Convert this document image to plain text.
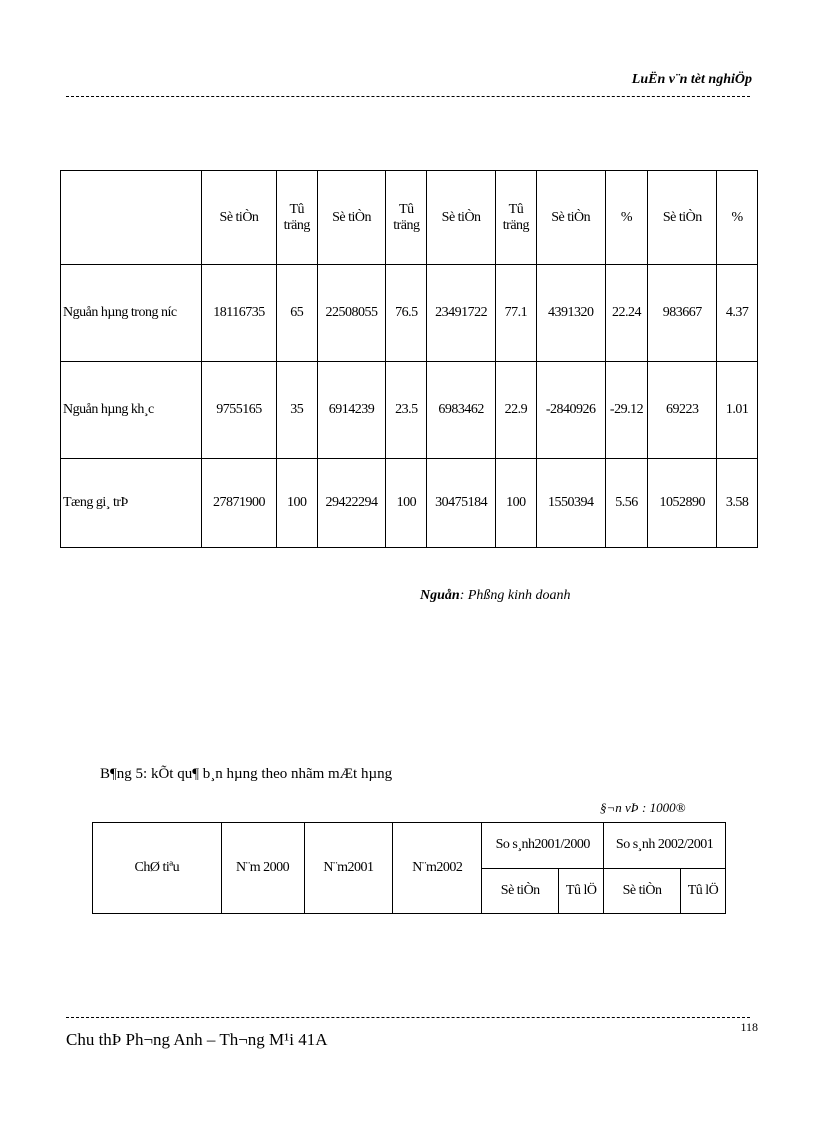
LuËn v¨n tèt nghiÖp
	Sè tiÒn	Tû träng	Sè tiÒn	Tû träng	Sè tiÒn	Tû träng	Sè tiÒn	%	Sè tiÒn	%
Nguån hµng trong níc	18116735	65	22508055	76.5	23491722	77.1	4391320	22.24	983667	4.37
Nguån hµng kh¸c	9755165	35	6914239	23.5	6983462	22.9	-2840926	-29.12	69223	1.01
Tæng gi¸ trÞ	27871900	100	29422294	100	30475184	100	1550394	5.56	1052890	3.58
Nguån: Phßng kinh doanh
B¶ng 5: kÕt qu¶ b¸n hµng theo nhãm mÆt hµng
§¬n vÞ : 1000®
ChØ tiªu	N¨m 2000	N¨m2001	N¨m2002	So s¸nh2001/2000		So s¸nh 2002/2001	
				Sè tiÒn	Tû lÖ	Sè tiÒn	Tû lÖ
Chu thÞ Ph¬ng Anh – Th¬ng M¹i 41A
118
